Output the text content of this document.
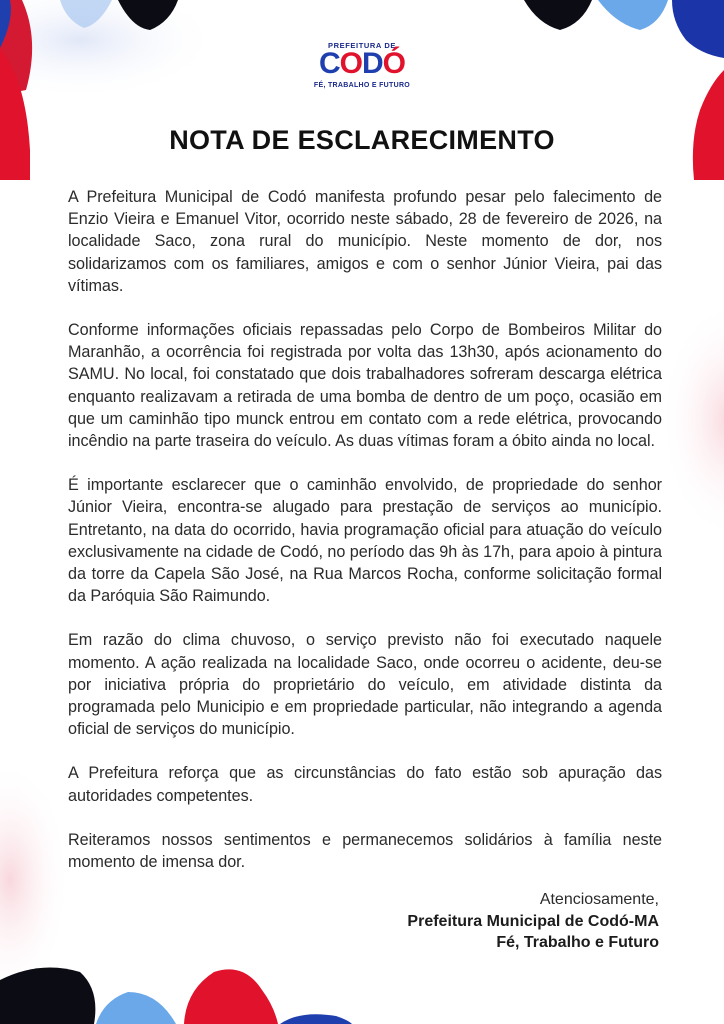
PREFEITURA DE
C O D Ó
FÉ, TRABALHO E FUTURO
NOTA DE ESCLARECIMENTO

A Prefeitura Municipal de Codó manifesta profundo pesar pelo falecimento de Enzio Vieira e Emanuel Vitor, ocorrido neste sábado, 28 de fevereiro de 2026, na localidade Saco, zona rural do município. Neste momento de dor, nos solidarizamos com os familiares, amigos e com o senhor Júnior Vieira, pai das vítimas.

Conforme informações oficiais repassadas pelo Corpo de Bombeiros Militar do Maranhão, a ocorrência foi registrada por volta das 13h30, após acionamento do SAMU. No local, foi constatado que dois trabalhadores sofreram descarga elétrica enquanto realizavam a retirada de uma bomba de dentro de um poço, ocasião em que um caminhão tipo munck entrou em contato com a rede elétrica, provocando incêndio na parte traseira do veículo. As duas vítimas foram a óbito ainda no local.

É importante esclarecer que o caminhão envolvido, de propriedade do senhor Júnior Vieira, encontra-se alugado para prestação de serviços ao município. Entretanto, na data do ocorrido, havia programação oficial para atuação do veículo exclusivamente na cidade de Codó, no período das 9h às 17h, para apoio à pintura da torre da Capela São José, na Rua Marcos Rocha, conforme solicitação formal da Paróquia São Raimundo.

Em razão do clima chuvoso, o serviço previsto não foi executado naquele momento. A ação realizada na localidade Saco, onde ocorreu o acidente, deu-se por iniciativa própria do proprietário do veículo, em atividade distinta da programada pelo Municipio e em propriedade particular, não integrando a agenda oficial de serviços do município.

A Prefeitura reforça que as circunstâncias do fato estão sob apuração das autoridades competentes.

Reiteramos nossos sentimentos e permanecemos solidários à família neste momento de imensa dor.

Atenciosamente,
Prefeitura Municipal de Codó-MA
Fé, Trabalho e Futuro
